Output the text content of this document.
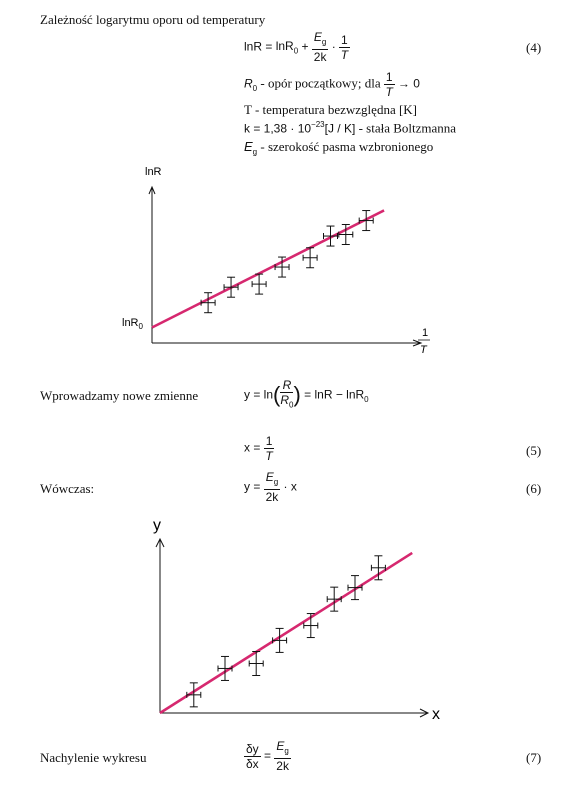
Zależność logarytmu oporu od temperatury
$\ln R = \ln R_0 + \frac{E_g}{2k} \cdot \frac{1}{T}$	(4)
$R_0$ - opór początkowy; dla $\frac{1}{T} \to 0$
T - temperatura bezwzględna [K]
$k = 1,38 \cdot 10^{-23}[J / K]$ - stała Boltzmanna
$E_g$ - szerokość pasma wzbronionego
lnR
lnR$_0$
1
T
Wprowadzamy nowe zmienne	$y = \ln( \frac{R}{R_0}$ ) = lnR − lnR$_0$
$x = \frac{1}{T}$	(5)
Wówczas:	$y = \frac{E_g}{2k} \cdot x$	(6)
y
x
Nachylenie wykresu	$\frac{\delta y}{\delta x} = \frac{E_g}{2k}$	(7)
